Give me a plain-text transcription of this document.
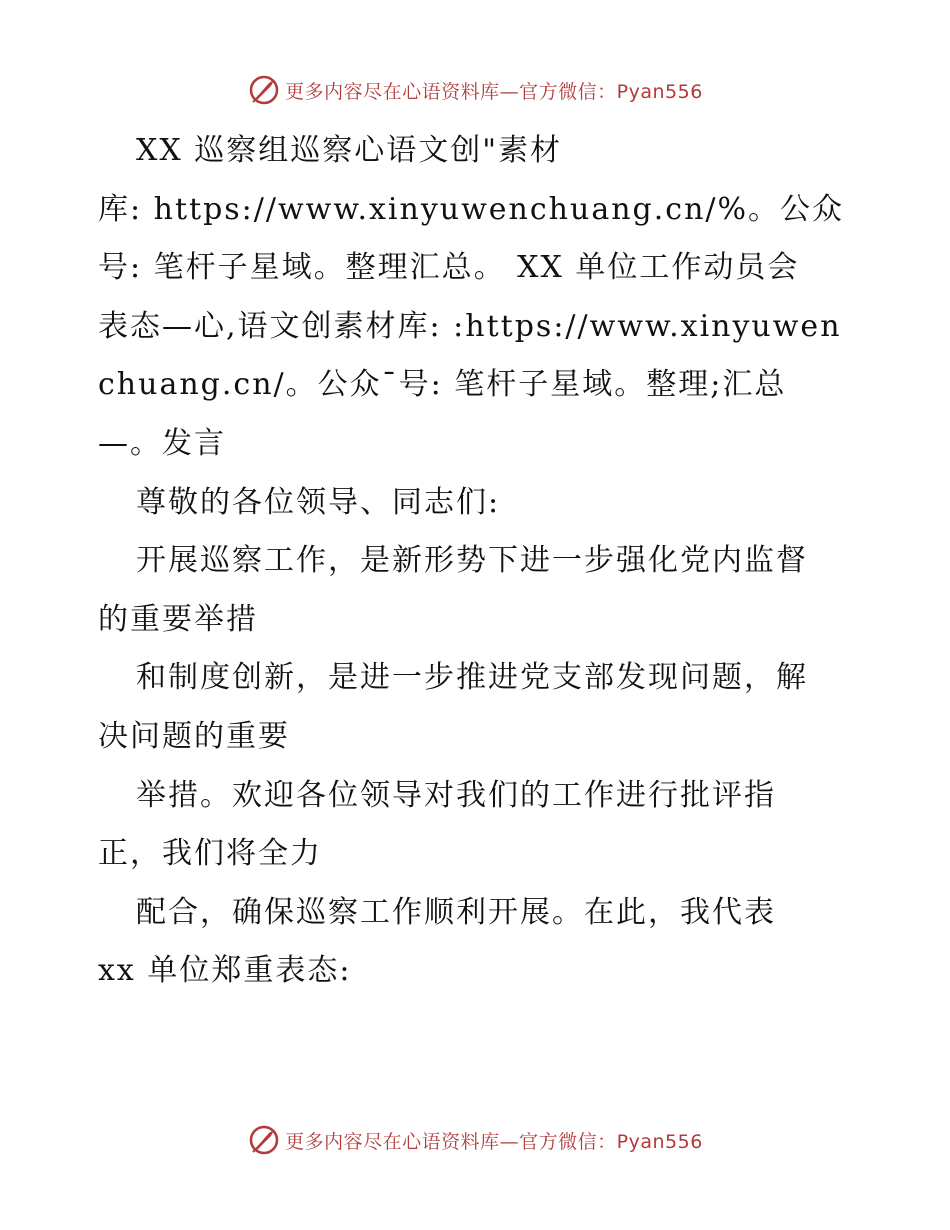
更多内容尽在心语资料库—官方微信：Pyan556
XX 巡察组巡察心语文创"素材
库: https://www.xinyuwenchuang.cn/%。公众
号: 笔杆子星域。整理汇总。 XX 单位工作动员会
表态—心,语文创素材库: :https://www.xinyuwen
chuang.cn/。公众¯号: 笔杆子星域。整理;汇总
—。发言
尊敬的各位领导、同志们:
开展巡察工作，是新形势下进一步强化党内监督
的重要举措
和制度创新，是进一步推进党支部发现问题，解
决问题的重要
举措。欢迎各位领导对我们的工作进行批评指
正，我们将全力
配合，确保巡察工作顺利开展。在此，我代表
xx 单位郑重表态:
更多内容尽在心语资料库—官方微信：Pyan556
